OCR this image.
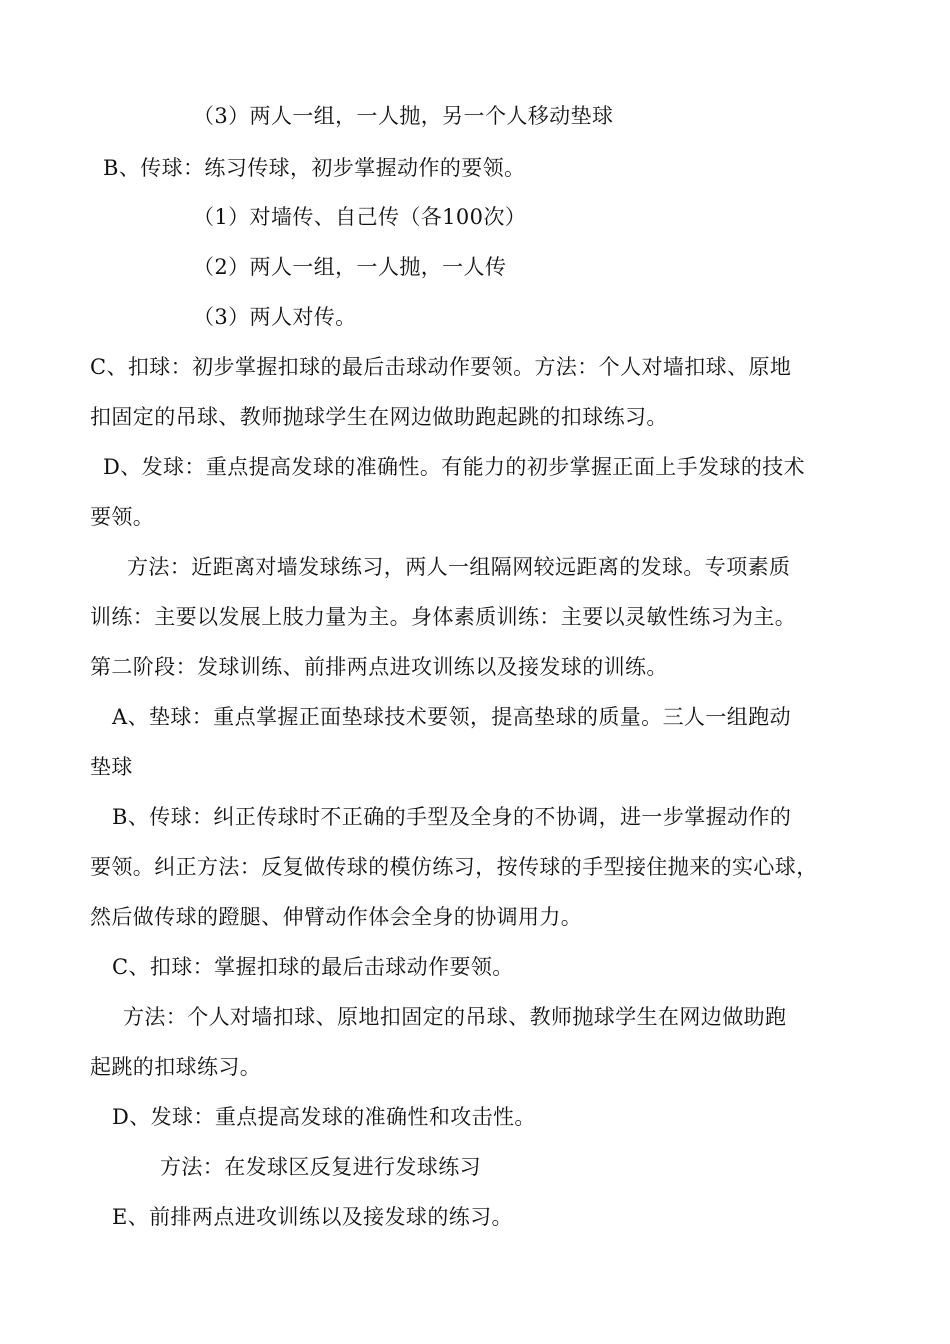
（3）两人一组，一人抛，另一个人移动垫球
B、传球：练习传球，初步掌握动作的要领。
（1）对墙传、自己传（各100次）
（2）两人一组，一人抛，一人传
（3）两人对传。
C、扣球：初步掌握扣球的最后击球动作要领。方法：个人对墙扣球、原地
扣固定的吊球、教师抛球学生在网边做助跑起跳的扣球练习。
D、发球：重点提高发球的准确性。有能力的初步掌握正面上手发球的技术
要领。
方法：近距离对墙发球练习，两人一组隔网较远距离的发球。专项素质
训练：主要以发展上肢力量为主。身体素质训练：主要以灵敏性练习为主。
第二阶段：发球训练、前排两点进攻训练以及接发球的训练。
A、垫球：重点掌握正面垫球技术要领，提高垫球的质量。三人一组跑动
垫球
B、传球：纠正传球时不正确的手型及全身的不协调，进一步掌握动作的
要领。纠正方法：反复做传球的模仿练习，按传球的手型接住抛来的实心球，
然后做传球的蹬腿、伸臂动作体会全身的协调用力。
C、扣球：掌握扣球的最后击球动作要领。
方法：个人对墙扣球、原地扣固定的吊球、教师抛球学生在网边做助跑
起跳的扣球练习。
D、发球：重点提高发球的准确性和攻击性。
方法：在发球区反复进行发球练习
E、前排两点进攻训练以及接发球的练习。
